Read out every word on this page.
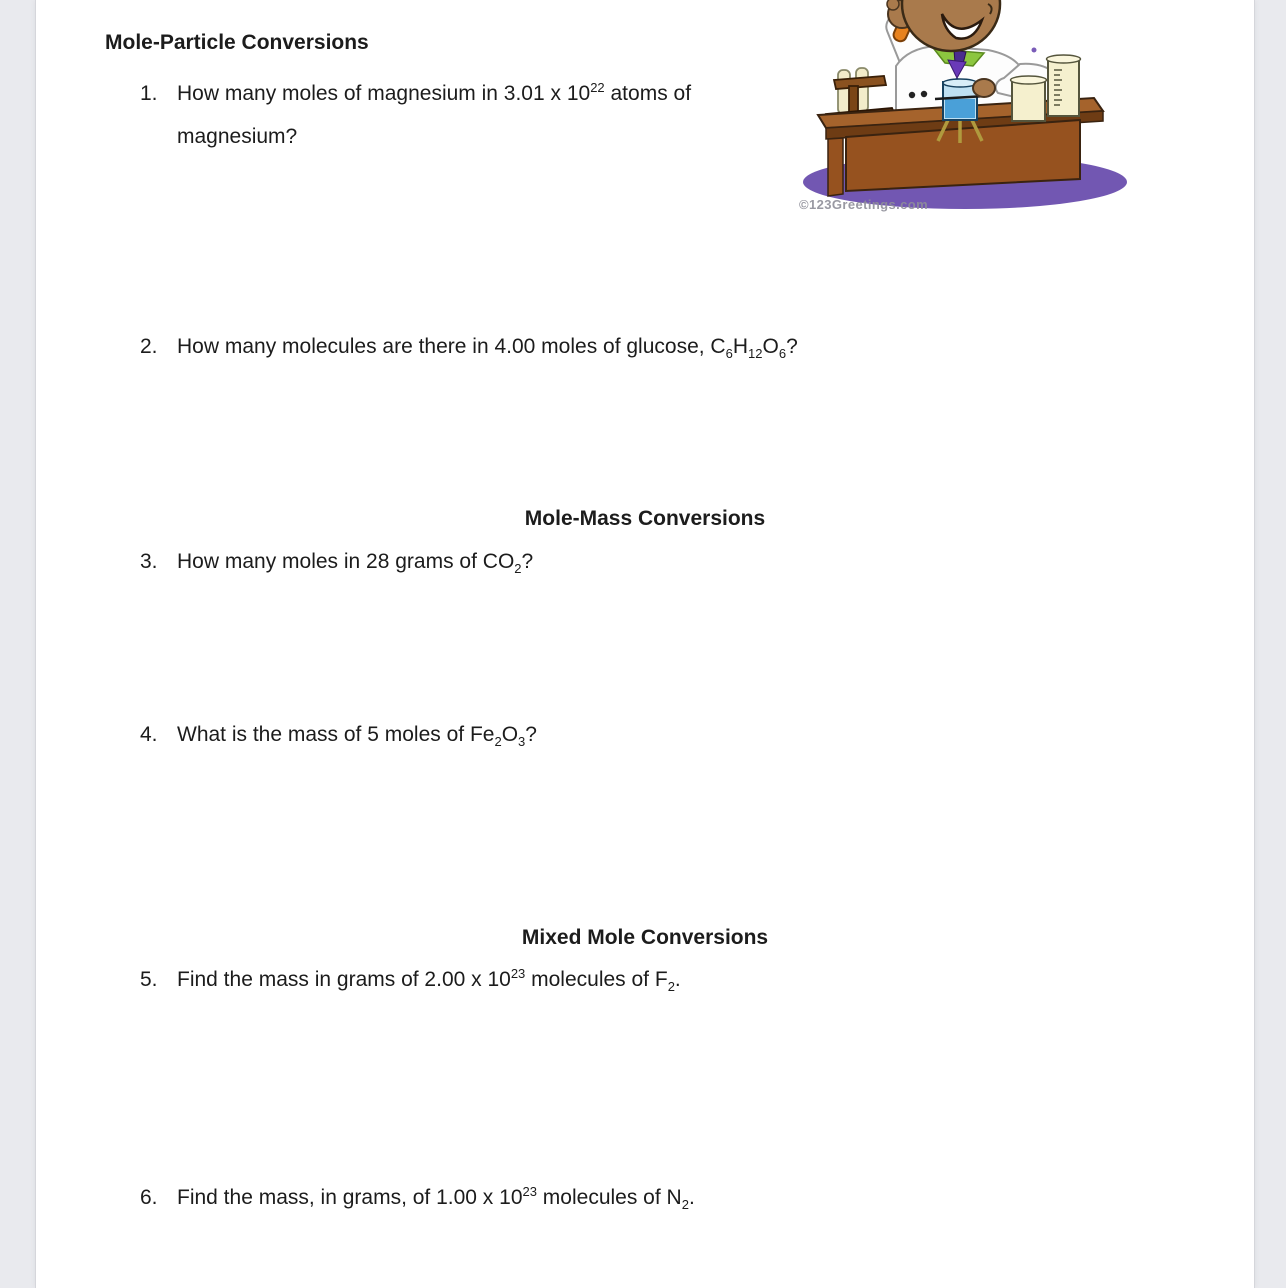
Mole-Particle Conversions
1. How many moles of magnesium in 3.01 x $10^{22}$ atoms of
magnesium?
©123Greetings.com
2. How many molecules are there in 4.00 moles of glucose, $C_6H_{12}O_6$?
Mole-Mass Conversions
3. How many moles in 28 grams of $CO_2$?
4. What is the mass of 5 moles of $Fe_2O_3$?
Mixed Mole Conversions
5. Find the mass in grams of 2.00 x $10^{23}$ molecules of $F_2$.
6. Find the mass, in grams, of 1.00 x $10^{23}$ molecules of $N_2$.
